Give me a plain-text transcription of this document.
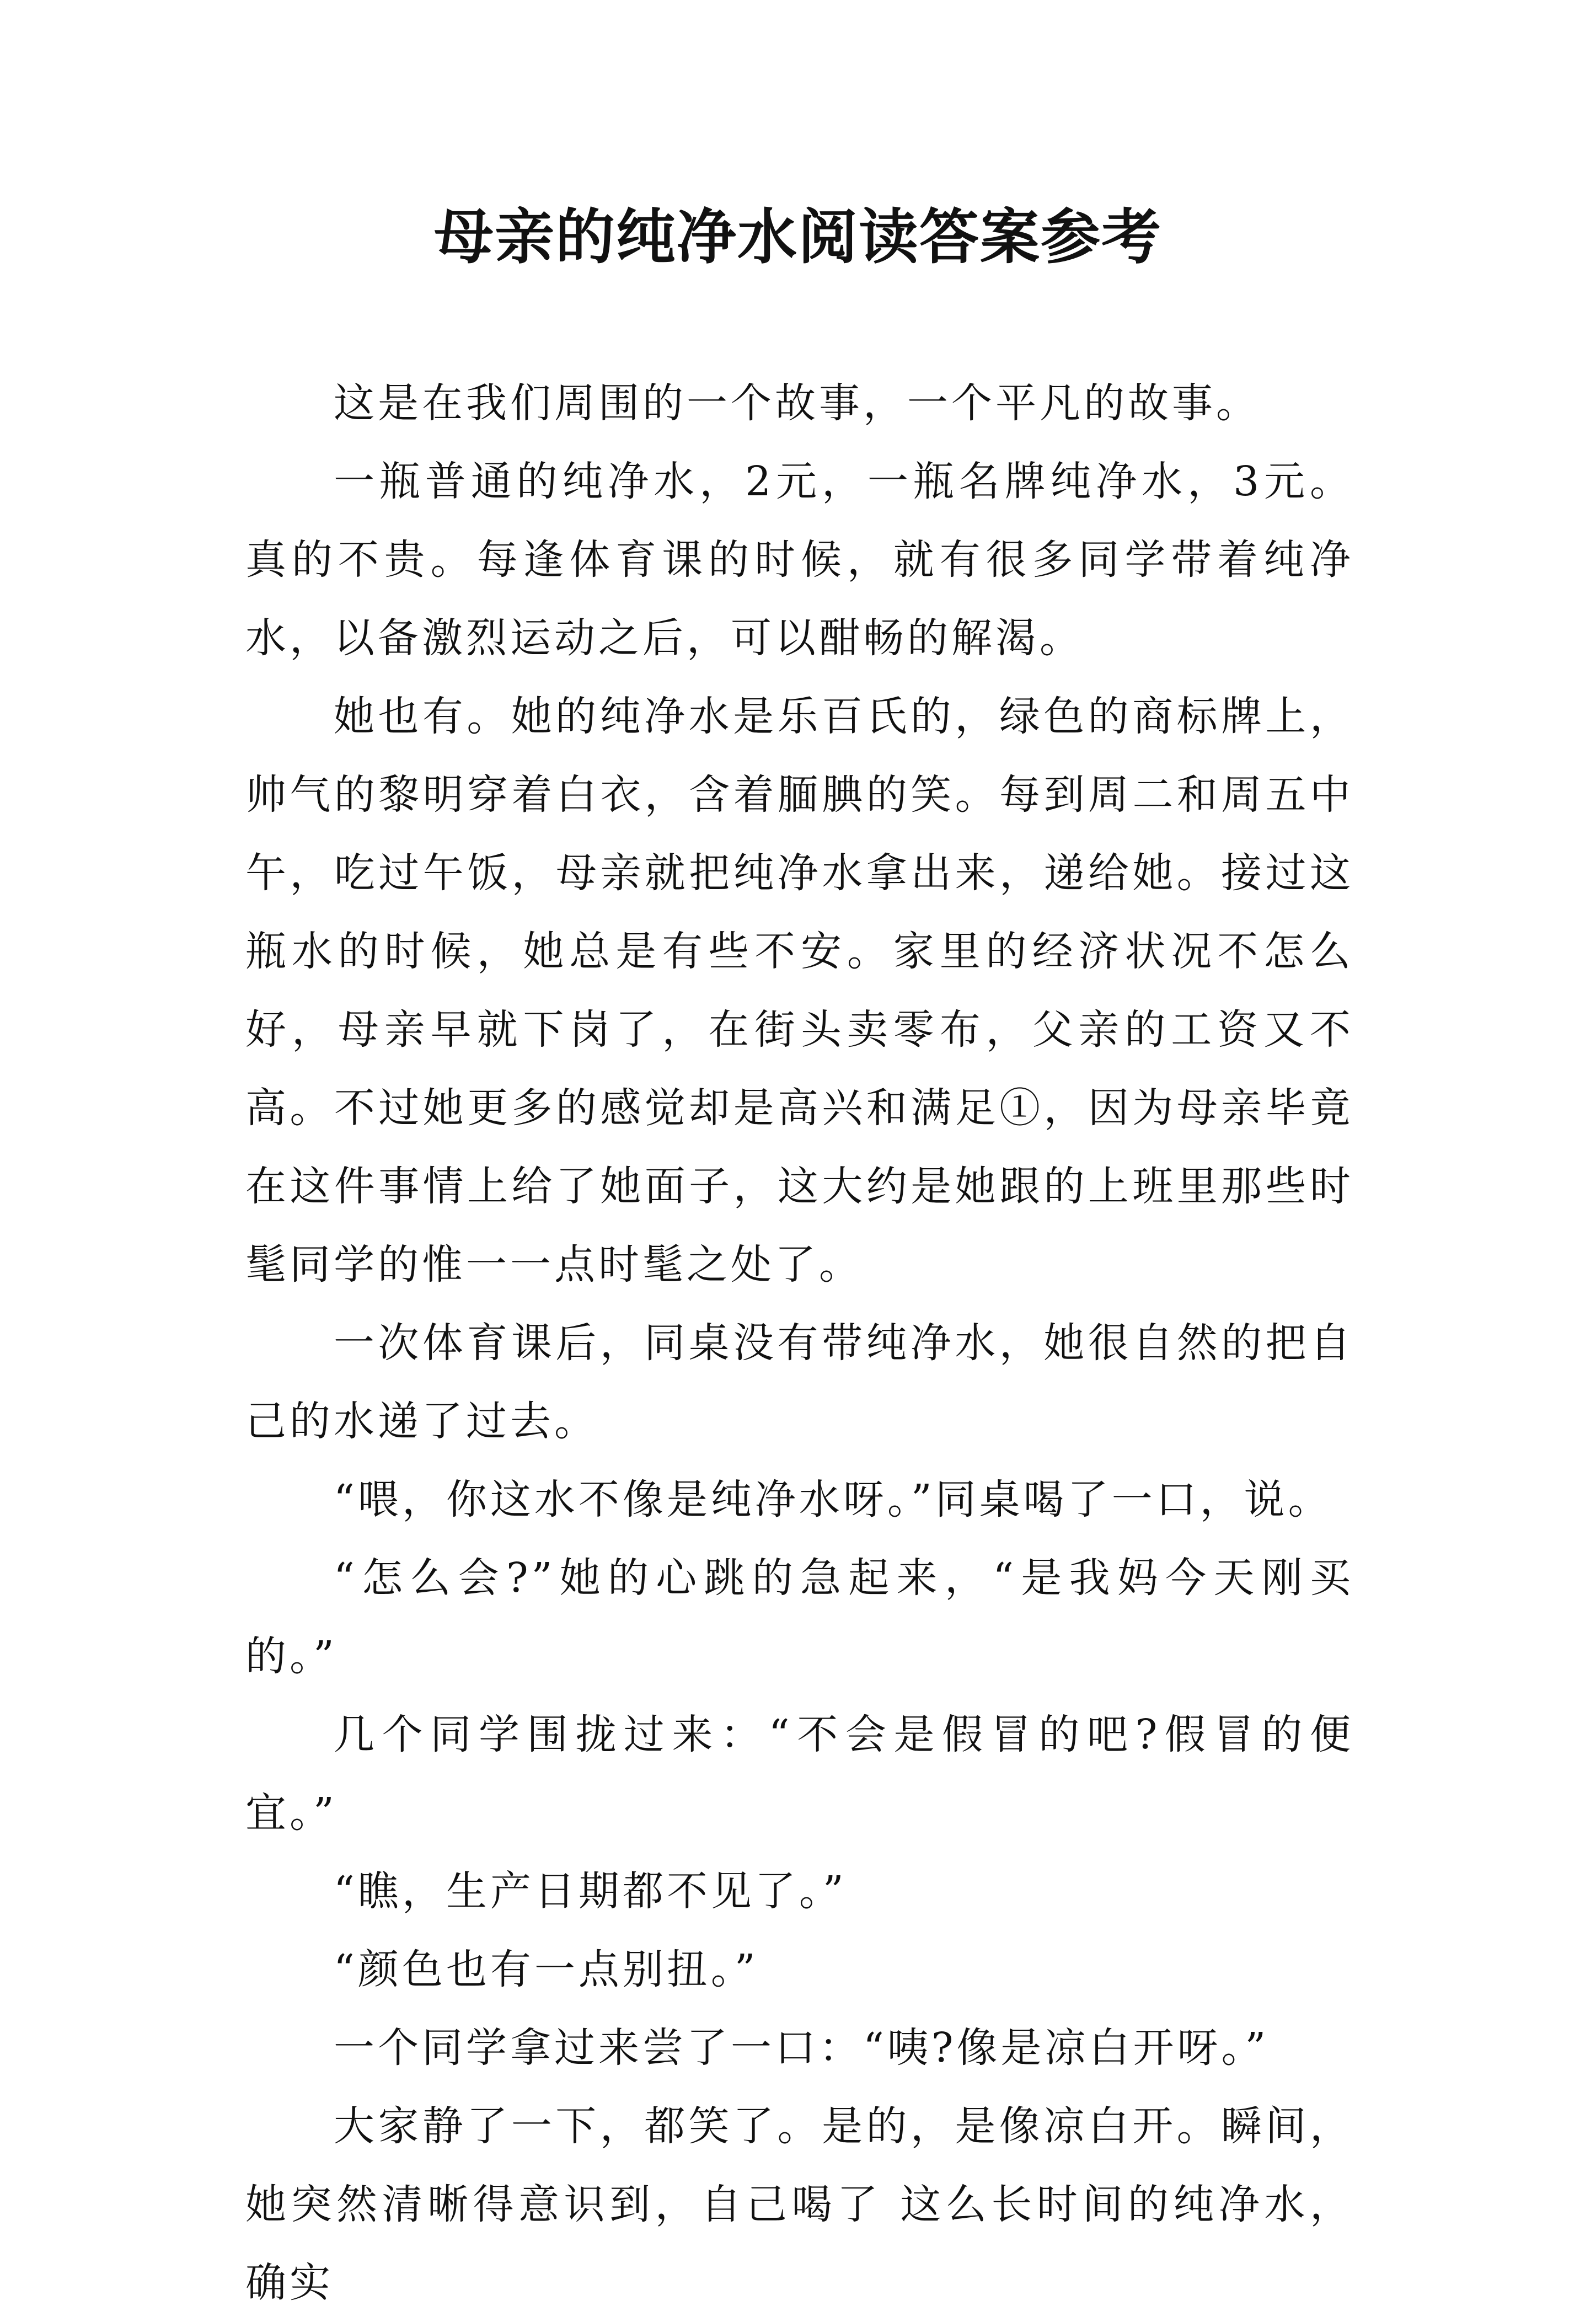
母亲的纯净水阅读答案参考

这是在我们周围的一个故事，一个平凡的故事。

一瓶普通的纯净水，2元，一瓶名牌纯净水，3元。真的不贵。每逢体育课的时候，就有很多同学带着纯净水，以备激烈运动之后，可以酣畅的解渴。

她也有。她的纯净水是乐百氏的，绿色的商标牌上，帅气的黎明穿着白衣，含着腼腆的笑。每到周二和周五中午，吃过午饭，母亲就把纯净水拿出来，递给她。接过这瓶水的时候，她总是有些不安。家里的经济状况不怎么好，母亲早就下岗了，在街头卖零布，父亲的工资又不高。不过她更多的感觉却是高兴和满足①，因为母亲毕竟在这件事情上给了她面子，这大约是她跟的上班里那些时髦同学的惟一一点时髦之处了。

一次体育课后，同桌没有带纯净水，她很自然的把自己的水递了过去。

“喂，你这水不像是纯净水呀。”同桌喝了一口，说。

“怎么会?”她的心跳的急起来，“是我妈今天刚买的。”

几个同学围拢过来：“不会是假冒的吧?假冒的便宜。”

“瞧，生产日期都不见了。”

“颜色也有一点别扭。”

一个同学拿过来尝了一口：“咦?像是凉白开呀。”

大家静了一下，都笑了。是的，是像凉白开。瞬间，她突然清晰得意识到，自己喝了 这么长时间的纯净水，确实
